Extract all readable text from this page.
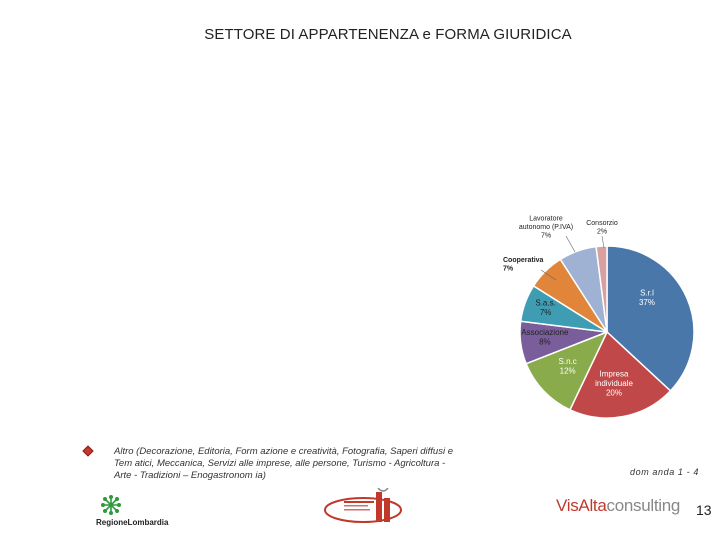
SETTORE DI APPARTENENZA e FORMA GIURIDICA
S.r.l 37%
Impresa individuale 20%
S.n.c 12%
Associazione 8%
S.a.s. 7%
Cooperativa 7%
Lavoratore autonomo (P.IVA) 7%
Consorzio 2%
Altro (Decorazione, Editoria, Form azione e creatività, Fotografia, Saperi diffusi e Tem atici, Meccanica, Servizi alle imprese, alle persone, Turismo - Agricoltura - Arte - Tradizioni – Enogastronom ia)	dom anda 1 - 4
13
RegioneLombardia
VisAltaconsulting
